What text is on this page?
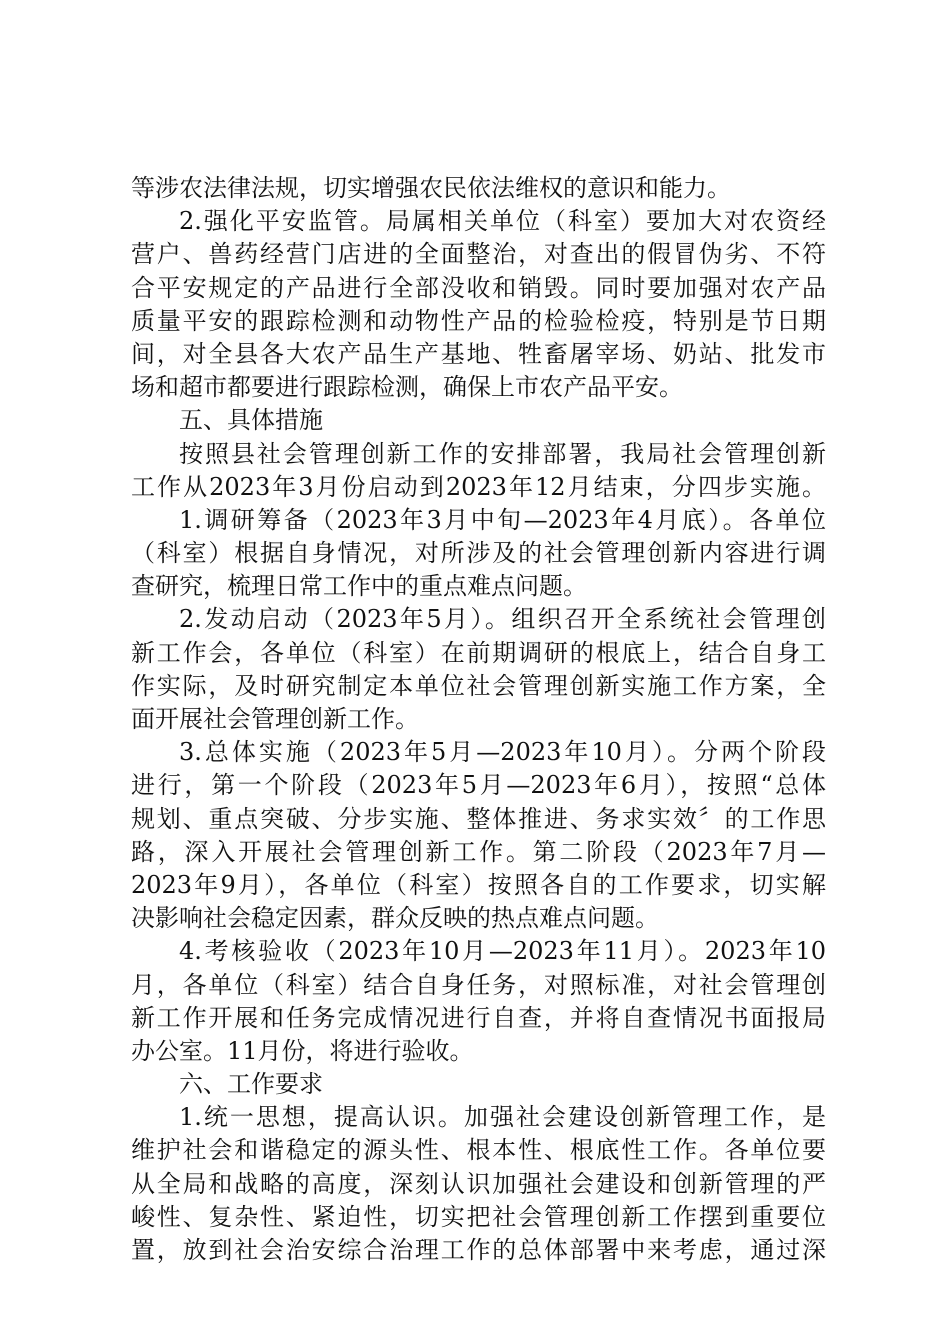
等涉农法律法规，切实增强农民依法维权的意识和能力。
2.强化平安监管。局属相关单位（科室）要加大对农资经
营户、兽药经营门店进的全面整治，对查出的假冒伪劣、不符
合平安规定的产品进行全部没收和销毁。同时要加强对农产品
质量平安的跟踪检测和动物性产品的检验检疫，特别是节日期
间，对全县各大农产品生产基地、牲畜屠宰场、奶站、批发市
场和超市都要进行跟踪检测，确保上市农产品平安。
五、具体措施
按照县社会管理创新工作的安排部署，我局社会管理创新
工作从2023年3月份启动到2023年12月结束，分四步实施。
1.调研筹备（2023年3月中旬—2023年4月底）。各单位
（科室）根据自身情况，对所涉及的社会管理创新内容进行调
查研究，梳理日常工作中的重点难点问题。
2.发动启动（2023年5月）。组织召开全系统社会管理创
新工作会，各单位（科室）在前期调研的根底上，结合自身工
作实际，及时研究制定本单位社会管理创新实施工作方案，全
面开展社会管理创新工作。
3.总体实施（2023年5月—2023年10月）。分两个阶段
进行，第一个阶段（2023年5月—2023年6月），按照“总体
规划、重点突破、分步实施、整体推进、务求实效〞的工作思
路，深入开展社会管理创新工作。第二阶段（2023年7月—
2023年9月），各单位（科室）按照各自的工作要求，切实解
决影响社会稳定因素，群众反映的热点难点问题。
4.考核验收（2023年10月—2023年11月）。2023年10
月，各单位（科室）结合自身任务，对照标准，对社会管理创
新工作开展和任务完成情况进行自查，并将自查情况书面报局
办公室。11月份，将进行验收。
六、工作要求
1.统一思想，提高认识。加强社会建设创新管理工作，是
维护社会和谐稳定的源头性、根本性、根底性工作。各单位要
从全局和战略的高度，深刻认识加强社会建设和创新管理的严
峻性、复杂性、紧迫性，切实把社会管理创新工作摆到重要位
置，放到社会治安综合治理工作的总体部署中来考虑，通过深
